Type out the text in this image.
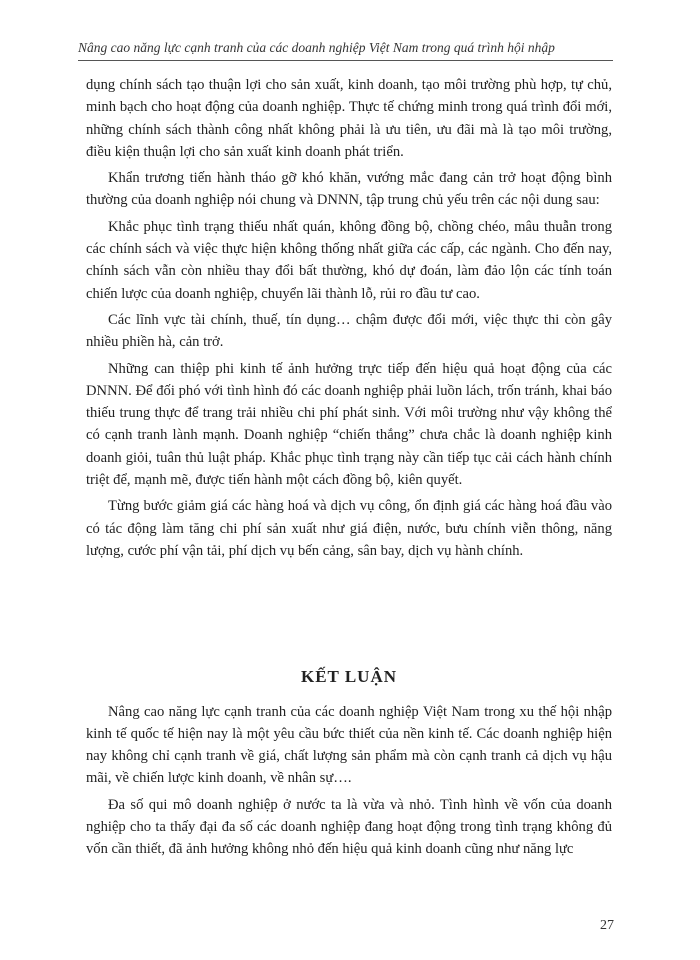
Nâng cao năng lực cạnh tranh của các doanh nghiệp Việt Nam trong quá trình hội nhập

dụng chính sách tạo thuận lợi cho sản xuất, kinh doanh, tạo môi trường phù hợp, tự chủ, minh bạch cho hoạt động của doanh nghiệp. Thực tế chứng minh trong quá trình đổi mới, những chính sách thành công nhất không phải là ưu tiên, ưu đãi mà là tạo môi trường, điều kiện thuận lợi cho sản xuất kinh doanh phát triển.

Khẩn trương tiến hành tháo gỡ khó khăn, vướng mắc đang cản trở hoạt động bình thường của doanh nghiệp nói chung và DNNN, tập trung chủ yếu trên các nội dung sau:

Khắc phục tình trạng thiếu nhất quán, không đồng bộ, chồng chéo, mâu thuẫn trong các chính sách và việc thực hiện không thống nhất giữa các cấp, các ngành. Cho đến nay, chính sách vẫn còn nhiều thay đổi bất thường, khó dự đoán, làm đảo lộn các tính toán chiến lược của doanh nghiệp, chuyển lãi thành lỗ, rủi ro đầu tư cao.

Các lĩnh vực tài chính, thuế, tín dụng… chậm được đổi mới, việc thực thi còn gây nhiều phiền hà, cản trở.

Những can thiệp phi kinh tế ảnh hưởng trực tiếp đến hiệu quả hoạt động của các DNNN. Để đối phó với tình hình đó các doanh nghiệp phải luồn lách, trốn tránh, khai báo thiếu trung thực để trang trải nhiều chi phí phát sinh. Với môi trường như vậy không thể có cạnh tranh lành mạnh. Doanh nghiệp “chiến thắng” chưa chắc là doanh nghiệp kinh doanh giỏi, tuân thủ luật pháp. Khắc phục tình trạng này cần tiếp tục cải cách hành chính triệt để, mạnh mẽ, được tiến hành một cách đồng bộ, kiên quyết.

Từng bước giảm giá các hàng hoá và dịch vụ công, ổn định giá các hàng hoá đầu vào có tác động làm tăng chi phí sản xuất như giá điện, nước, bưu chính viễn thông, năng lượng, cước phí vận tải, phí dịch vụ bến cảng, sân bay, dịch vụ hành chính.

KẾT LUẬN

Nâng cao năng lực cạnh tranh của các doanh nghiệp Việt Nam trong xu thế hội nhập kinh tế quốc tế hiện nay là một yêu cầu bức thiết của nền kinh tế. Các doanh nghiệp hiện nay không chỉ cạnh tranh về giá, chất lượng sản phẩm mà còn cạnh tranh cả dịch vụ hậu mãi, về chiến lược kinh doanh, về nhân sự….

Đa số qui mô doanh nghiệp ở nước ta là vừa và nhỏ. Tình hình về vốn của doanh nghiệp cho ta thấy đại đa số các doanh nghiệp đang hoạt động trong tình trạng không đủ vốn cần thiết, đã ảnh hưởng không nhỏ đến hiệu quả kinh doanh cũng như năng lực

27
